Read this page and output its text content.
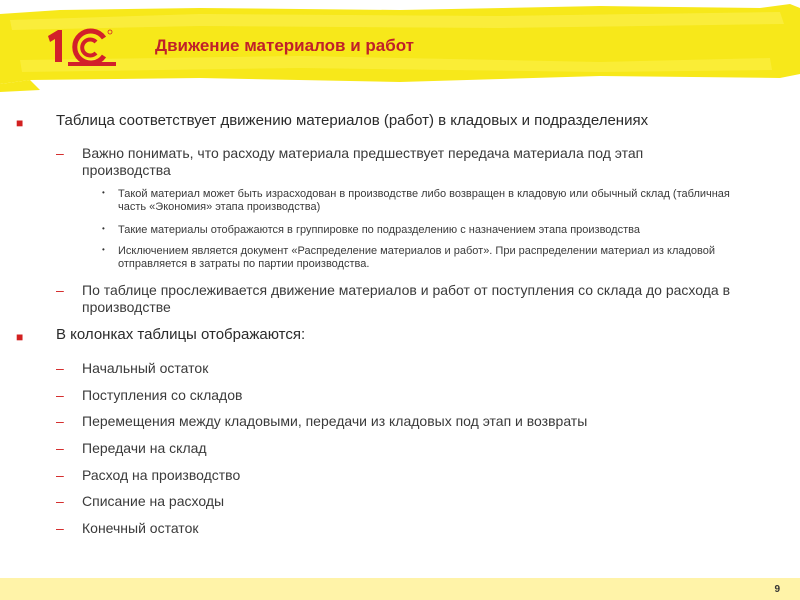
Движение материалов и работ
■ Таблица соответствует движению материалов (работ) в кладовых и подразделениях
– Важно понимать, что расходу материала предшествует передача материала под этап производства
• Такой материал может быть израсходован в производстве либо возвращен в кладовую или обычный склад (табличная часть «Экономия» этапа производства)
• Такие материалы отображаются в группировке по подразделению с назначением этапа производства
• Исключением является документ «Распределение материалов и работ». При распределении материал из кладовой отправляется в затраты по партии производства.
– По таблице прослеживается движение материалов и работ от поступления со склада до расхода в производстве
■ В колонках таблицы отображаются:
– Начальный остаток
– Поступления со складов
– Перемещения между кладовыми, передачи из кладовых под этап и возвраты
– Передачи на склад
– Расход на производство
– Списание на расходы
– Конечный остаток
9
